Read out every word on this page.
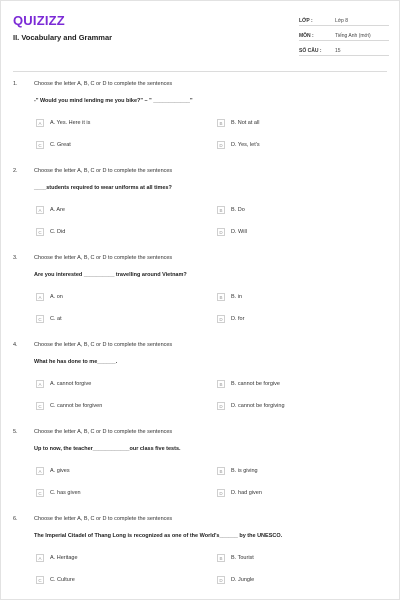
QUIZIZZ
II. Vocabulary and Grammar
LỚP :	Lớp 8
MÔN :	Tiếng Anh (mới)
SỐ CÂU :	15
1.	Choose the letter A, B, C or D to complete the sentences
-" Would you mind lending me you bike?" – " ____________"
A	A. Yes. Here it is	B	B. Not at all
C	C. Great	D	D. Yes, let's
2.	Choose the letter A, B, C or D to complete the sentences
____students required to wear uniforms at all times?
A	A. Are	B	B. Do
C	C. Did	D	D. Will
3.	Choose the letter A, B, C or D to complete the sentences
Are you interested __________ travelling around Vietnam?
A	A. on	B	B. in
C	C. at	D	D. for
4.	Choose the letter A, B, C or D to complete the sentences
What he has done to me______.
A	A. cannot forgive	B	B. cannot be forgive
C	C. cannot be forgiven	D	D. cannot be forgiving
5.	Choose the letter A, B, C or D to complete the sentences
Up to now, the teacher____________our class five tests.
A	A. gives	B	B. is giving
C	C. has given	D	D. had given
6.	Choose the letter A, B, C or D to complete the sentences
The Imperial Citadel of Thang Long is recognized as one of the World's______ by the UNESCO.
A	A. Heritage	B	B. Tourist
C	C. Culture	D	D. Jungle
